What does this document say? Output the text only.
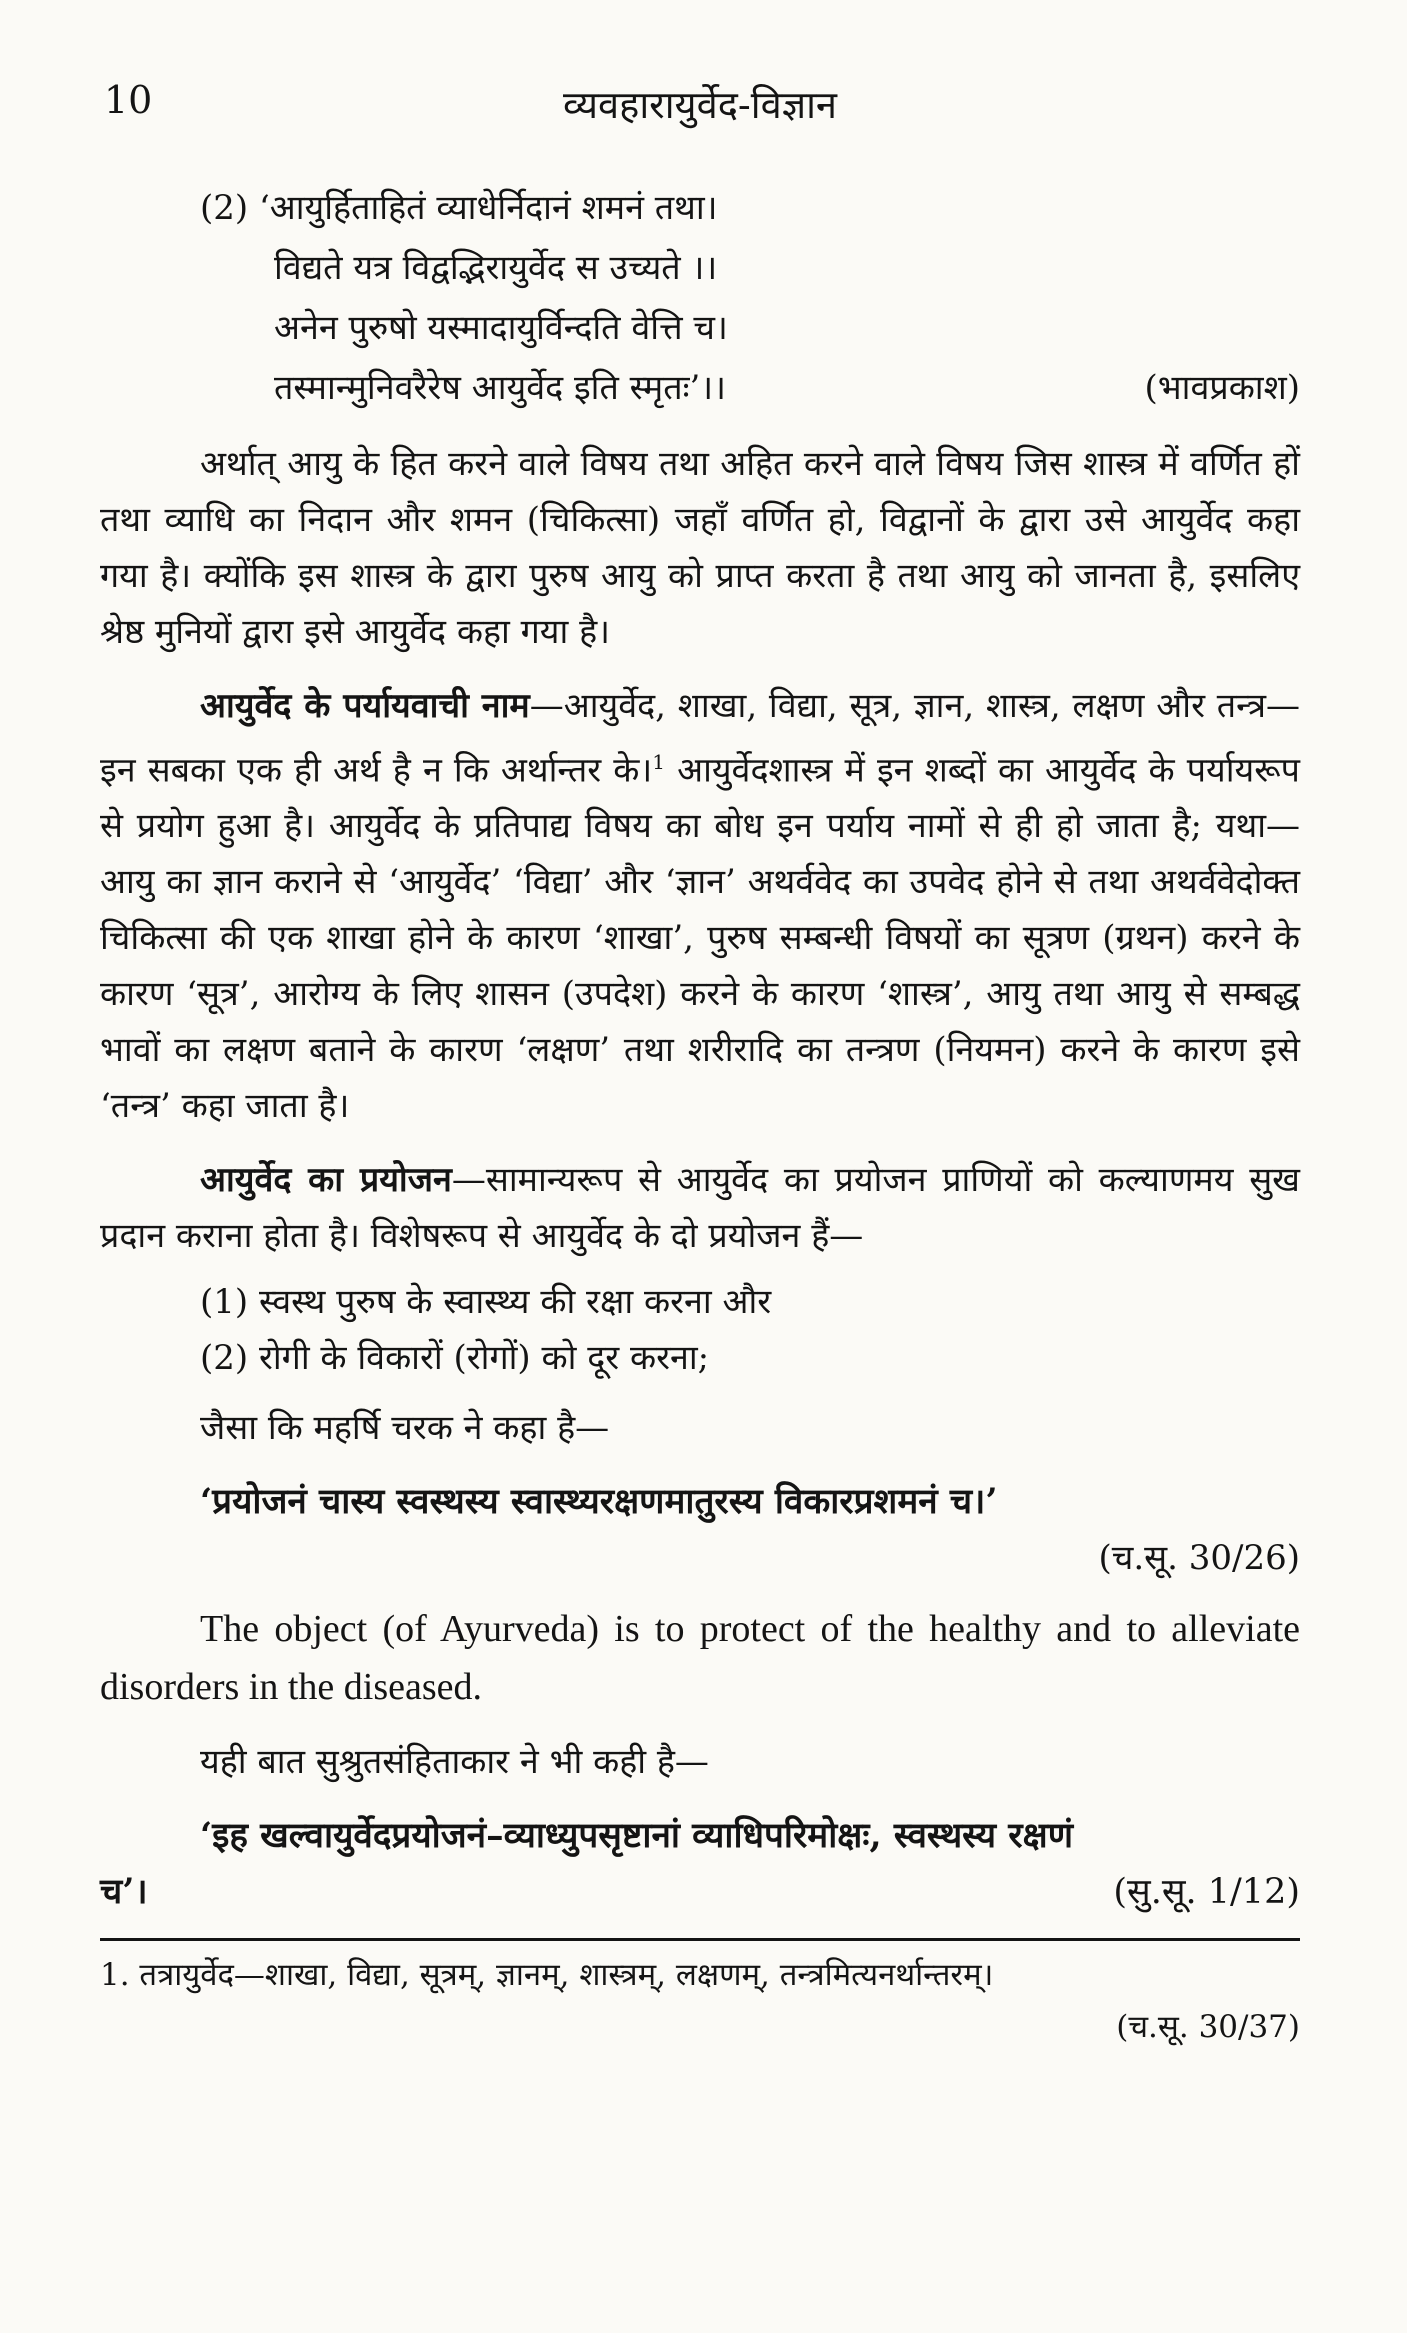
10	व्यवहारायुर्वेद-विज्ञान
(2) ‘आयुर्हिताहितं व्याधेर्निदानं शमनं तथा।
विद्यते यत्र विद्वद्भिरायुर्वेद स उच्यते ।।
अनेन पुरुषो यस्मादायुर्विन्दति वेत्ति च।
तस्मान्मुनिवरैरेष आयुर्वेद इति स्मृतः’।।	(भावप्रकाश)

अर्थात् आयु के हित करने वाले विषय तथा अहित करने वाले विषय जिस शास्त्र में वर्णित हों तथा व्याधि का निदान और शमन (चिकित्सा) जहाँ वर्णित हो, विद्वानों के द्वारा उसे आयुर्वेद कहा गया है। क्योंकि इस शास्त्र के द्वारा पुरुष आयु को प्राप्त करता है तथा आयु को जानता है, इसलिए श्रेष्ठ मुनियों द्वारा इसे आयुर्वेद कहा गया है।

आयुर्वेद के पर्यायवाची नाम—आयुर्वेद, शाखा, विद्या, सूत्र, ज्ञान, शास्त्र, लक्षण और तन्त्र—इन सबका एक ही अर्थ है न कि अर्थान्तर के।$^1$ आयुर्वेदशास्त्र में इन शब्दों का आयुर्वेद के पर्यायरूप से प्रयोग हुआ है। आयुर्वेद के प्रतिपाद्य विषय का बोध इन पर्याय नामों से ही हो जाता है; यथा—आयु का ज्ञान कराने से ‘आयुर्वेद’ ‘विद्या’ और ‘ज्ञान’ अथर्ववेद का उपवेद होने से तथा अथर्ववेदोक्त चिकित्सा की एक शाखा होने के कारण ‘शाखा’, पुरुष सम्बन्धी विषयों का सूत्रण (ग्रथन) करने के कारण ‘सूत्र’, आरोग्य के लिए शासन (उपदेश) करने के कारण ‘शास्त्र’, आयु तथा आयु से सम्बद्ध भावों का लक्षण बताने के कारण ‘लक्षण’ तथा शरीरादि का तन्त्रण (नियमन) करने के कारण इसे ‘तन्त्र’ कहा जाता है।

आयुर्वेद का प्रयोजन—सामान्यरूप से आयुर्वेद का प्रयोजन प्राणियों को कल्याणमय सुख प्रदान कराना होता है। विशेषरूप से आयुर्वेद के दो प्रयोजन हैं—

(1) स्वस्थ पुरुष के स्वास्थ्य की रक्षा करना और
(2) रोगी के विकारों (रोगों) को दूर करना;
जैसा कि महर्षि चरक ने कहा है—
‘प्रयोजनं चास्य स्वस्थस्य स्वास्थ्यरक्षणमातुरस्य विकारप्रशमनं च।’
(च.सू. 30/26)
The object (of Ayurveda) is to protect of the healthy and to alleviate disorders in the diseased.
यही बात सुश्रुतसंहिताकार ने भी कही है—
‘इह खल्वायुर्वेदप्रयोजनं–व्याध्युपसृष्टानां व्याधिपरिमोक्षः, स्वस्थस्य रक्षणं
च’।	(सु.सू. 1/12)
1. तत्रायुर्वेद—शाखा, विद्या, सूत्रम्, ज्ञानम्, शास्त्रम्, लक्षणम्, तन्त्रमित्यनर्थान्तरम्।
(च.सू. 30/37)
